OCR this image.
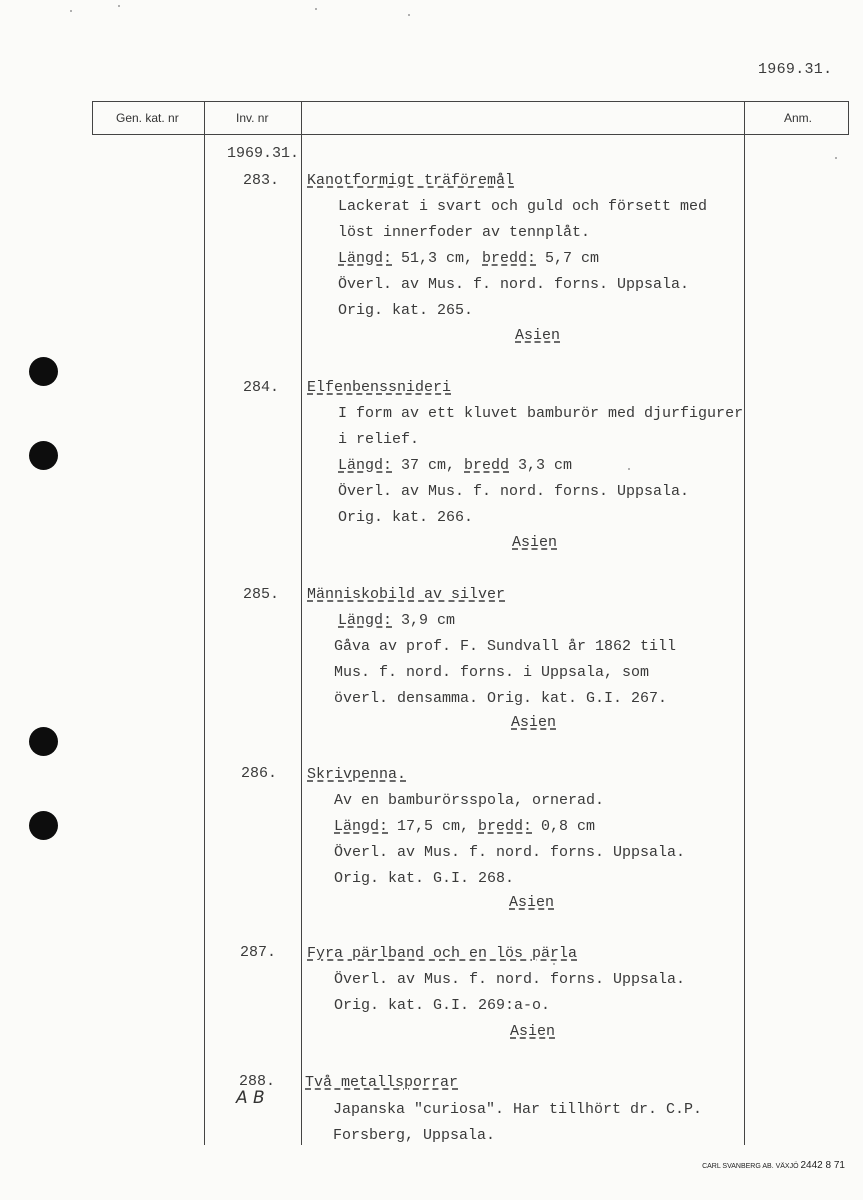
1969.31.
Gen. kat. nr	Inv. nr	Anm.
1969.31.
283. Kanotformigt träföremål
Lackerat i svart och guld och försett med
löst innerfoder av tennplåt.
Längd: 51,3 cm, bredd: 5,7 cm
Överl. av Mus. f. nord. forns. Uppsala.
Orig. kat. 265.
Asien
284. Elfenbenssnideri
I form av ett kluvet bamburör med djurfigurer
i relief.
Längd: 37 cm, bredd 3,3 cm
Överl. av Mus. f. nord. forns. Uppsala.
Orig. kat. 266.
Asien
285. Människobild av silver
Längd: 3,9 cm
Gåva av prof. F. Sundvall år 1862 till
Mus. f. nord. forns. i Uppsala, som
överl. densamma. Orig. kat. G.I. 267.
Asien
286. Skrivpenna.
Av en bamburörsspola, ornerad.
Längd: 17,5 cm, bredd: 0,8 cm
Överl. av Mus. f. nord. forns. Uppsala.
Orig. kat. G.I. 268.
Asien
287. Fyra pärlband och en lös pärla
Överl. av Mus. f. nord. forns. Uppsala.
Orig. kat. G.I. 269:a-o.
Asien
288.
A B
Två metallsporrar
Japanska "curiosa". Har tillhört dr. C.P.
Forsberg, Uppsala.
CARL SVANBERG AB. VÄXJÖ 2442 8 71
